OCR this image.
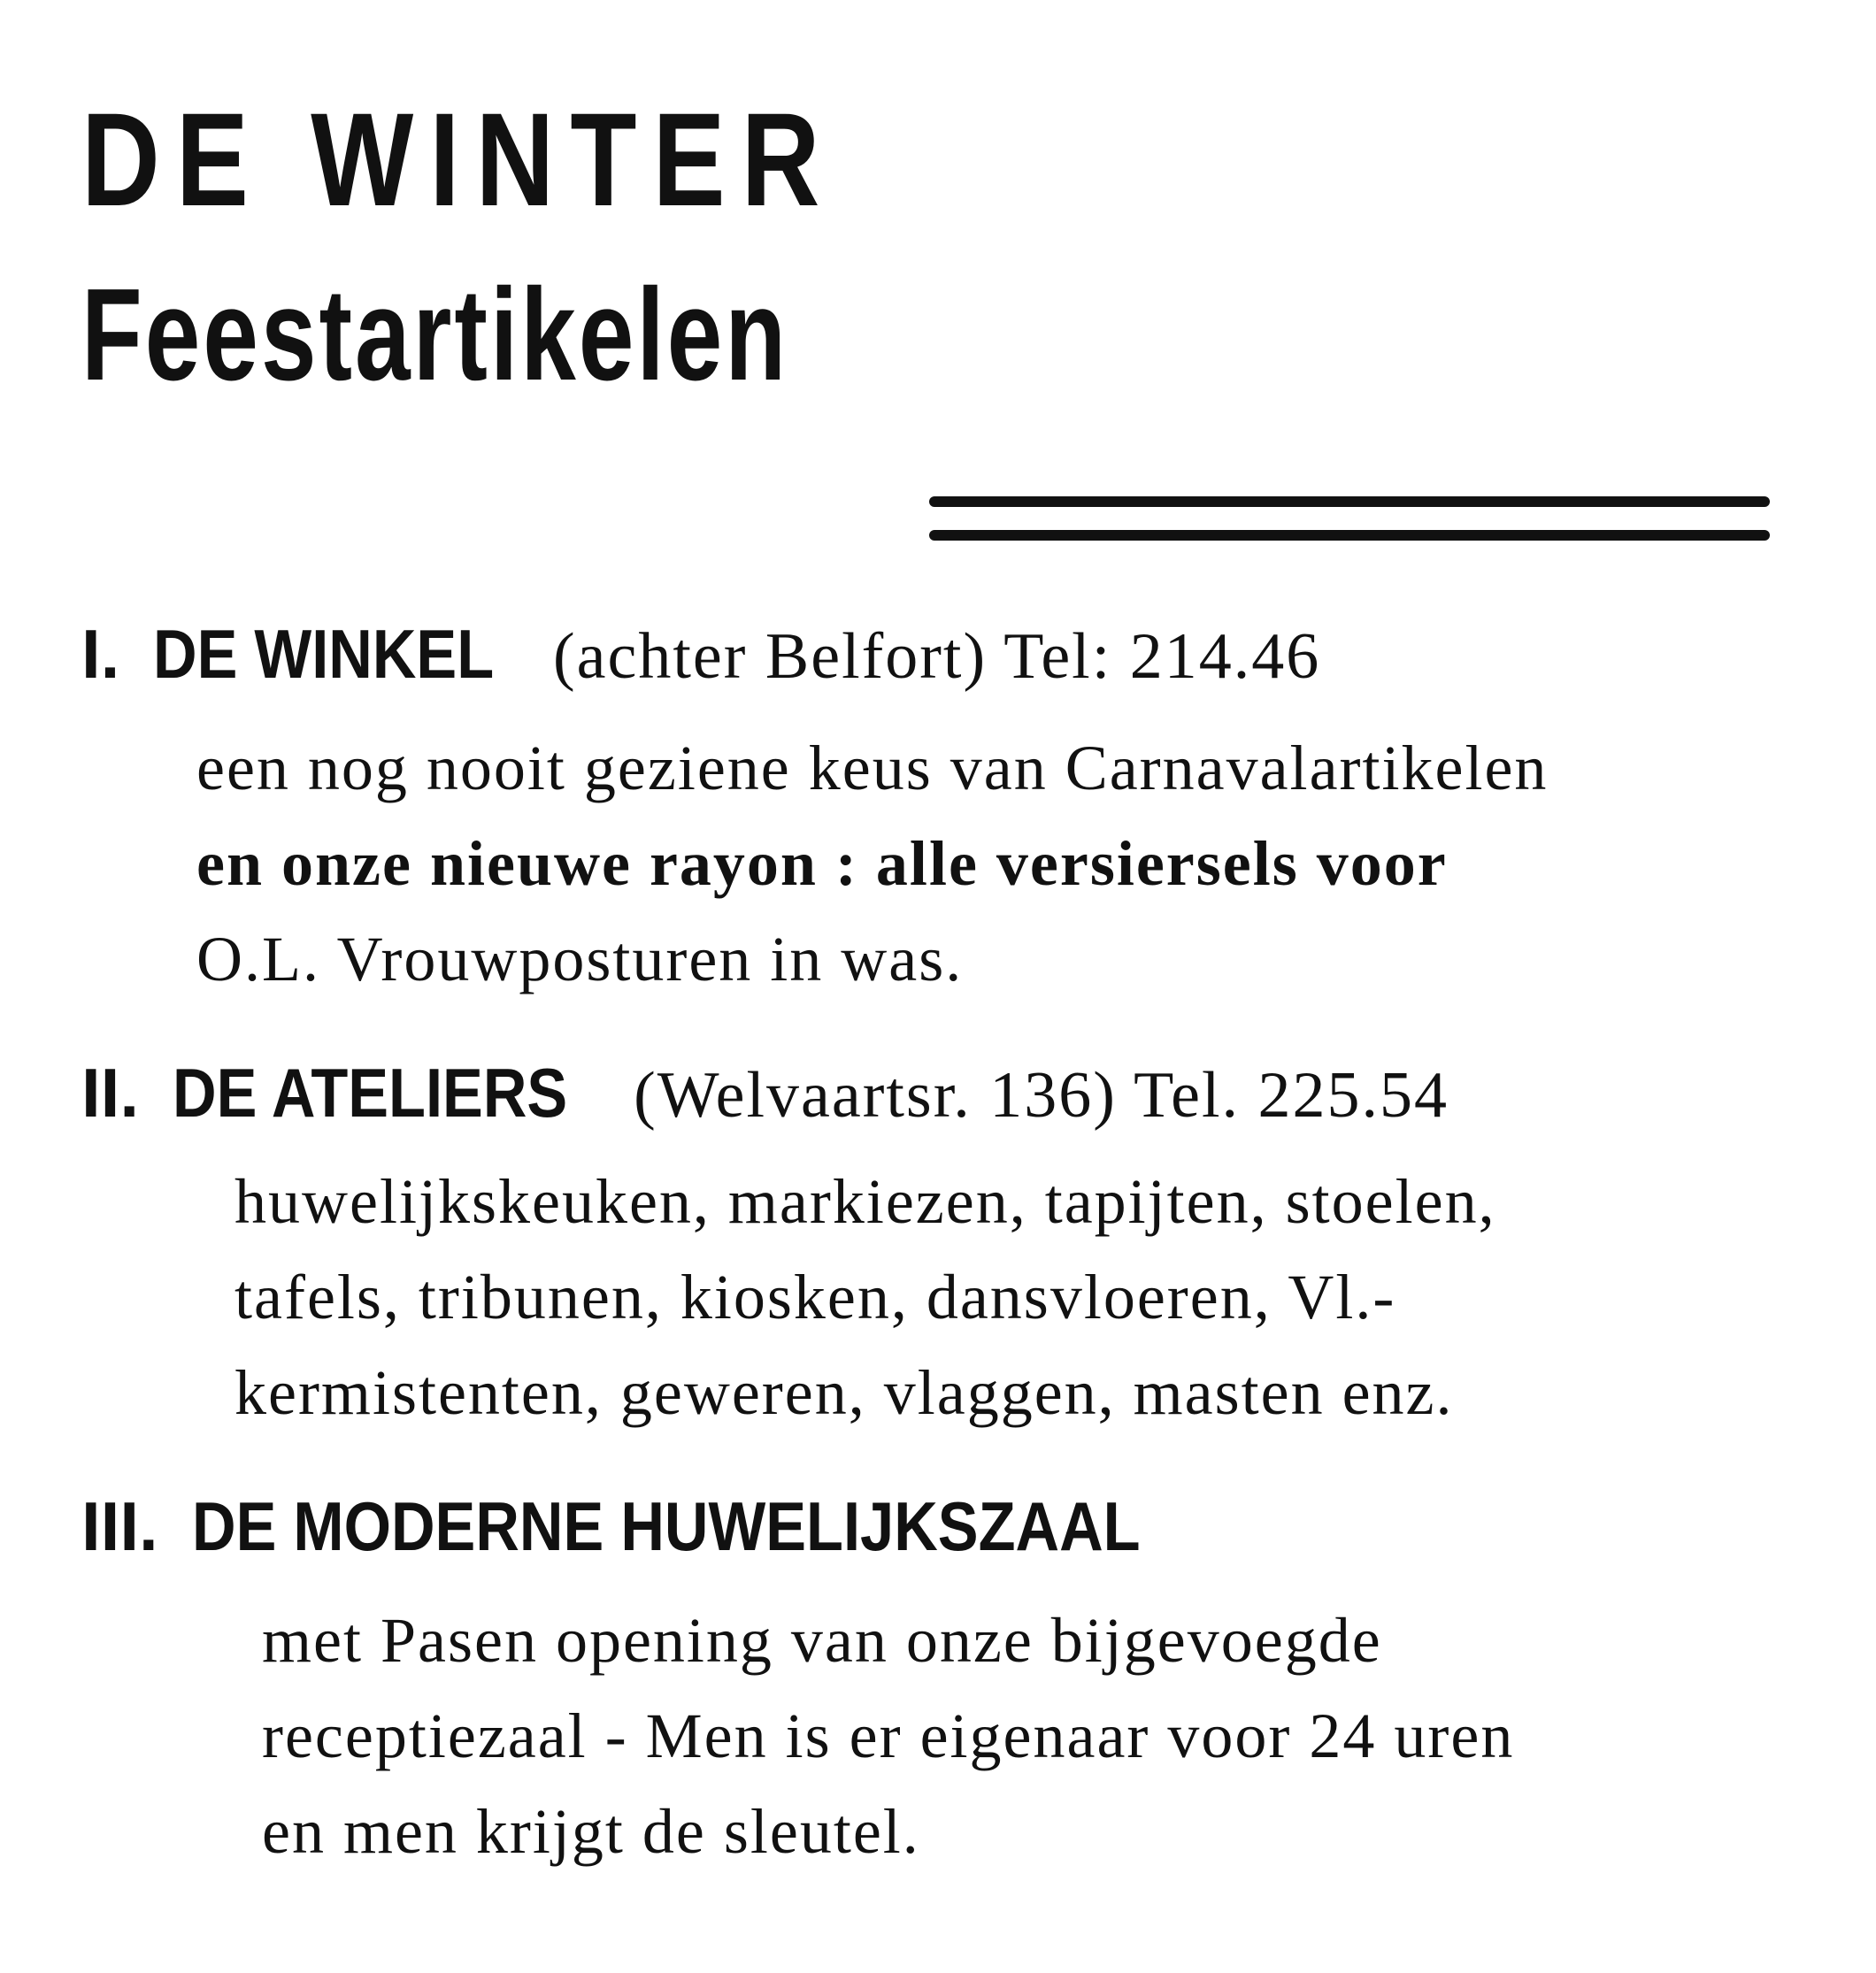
DE WINTER
Feestartikelen
I. DE WINKEL (achter Belfort) Tel: 214.46
een nog nooit geziene keus van Carnavalartikelen
en onze nieuwe rayon : alle versiersels voor
O.L. Vrouwposturen in was.
II. DE ATELIERS (Welvaartsr. 136) Tel. 225.54
huwelijkskeuken, markiezen, tapijten, stoelen,
tafels, tribunen, kiosken, dansvloeren, Vl.-
kermistenten, geweren, vlaggen, masten enz.
III. DE MODERNE HUWELIJKSZAAL
met Pasen opening van onze bijgevoegde
receptiezaal - Men is er eigenaar voor 24 uren
en men krijgt de sleutel.
